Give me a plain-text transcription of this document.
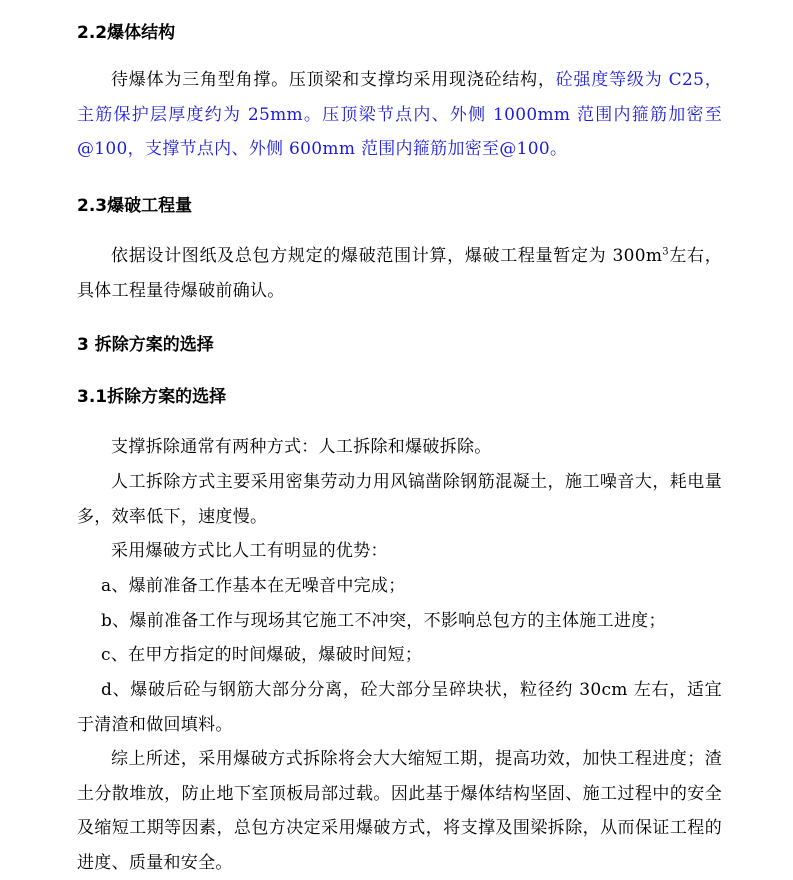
2.2爆体结构
待爆体为三角型角撑。压顶梁和支撑均采用现浇砼结构，砼强度等级为 C25，主筋保护层厚度约为 25mm。压顶梁节点内、外侧 1000mm 范围内箍筋加密至@100，支撑节点内、外侧 600mm 范围内箍筋加密至@100。
2.3爆破工程量
依据设计图纸及总包方规定的爆破范围计算，爆破工程量暂定为 $300m^3$左右，具体工程量待爆破前确认。
3 拆除方案的选择
3.1拆除方案的选择
支撑拆除通常有两种方式：人工拆除和爆破拆除。
人工拆除方式主要采用密集劳动力用风镐凿除钢筋混凝土，施工噪音大，耗电量多，效率低下，速度慢。
采用爆破方式比人工有明显的优势：
a、爆前准备工作基本在无噪音中完成；
b、爆前准备工作与现场其它施工不冲突，不影响总包方的主体施工进度；
c、在甲方指定的时间爆破，爆破时间短；
d、爆破后砼与钢筋大部分分离，砼大部分呈碎块状，粒径约 30cm 左右，适宜于清渣和做回填料。
综上所述，采用爆破方式拆除将会大大缩短工期，提高功效，加快工程进度；渣土分散堆放，防止地下室顶板局部过载。因此基于爆体结构坚固、施工过程中的安全及缩短工期等因素，总包方决定采用爆破方式，将支撑及围梁拆除，从而保证工程的进度、质量和安全。
